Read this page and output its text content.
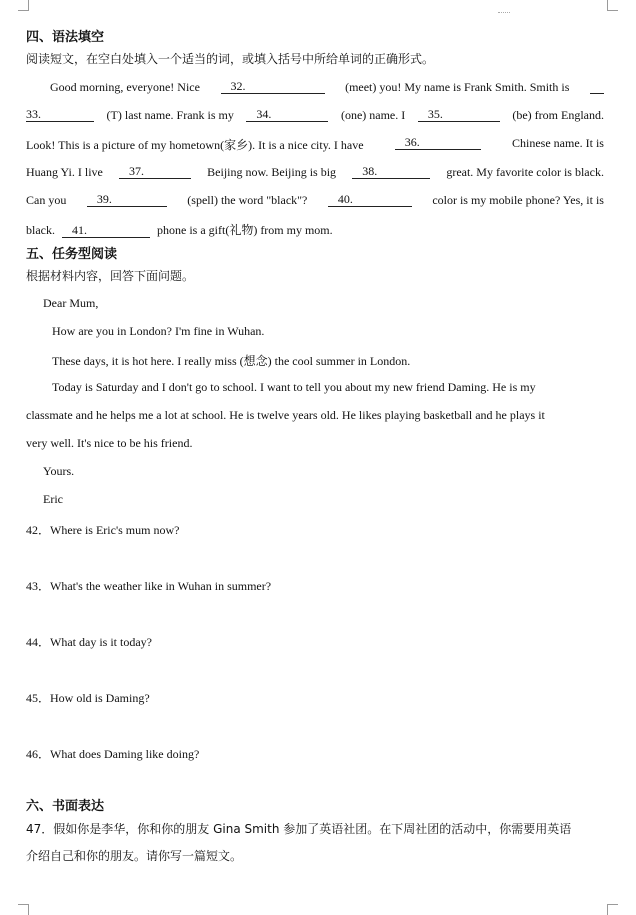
四、语法填空
阅读短文，在空白处填入一个适当的词，或填入括号中所给单词的正确形式。
Good morning, everyone! Nice	32.	(meet) you! My name is Frank Smith. Smith is
33.	(T) last name. Frank is my	34.	(one) name. I	35.	(be) from England.
Look! This is a picture of my hometown(家乡). It is a nice city. I have	36.	Chinese name. It is
Huang Yi. I live	37.	Beijing now. Beijing is big	38.	great. My favorite color is black.
Can you	39.	(spell) the word "black"?	40.	color is my mobile phone? Yes, it is
black. 41.	phone is a gift(礼物) from my mom.
五、任务型阅读
根据材料内容，回答下面问题。
Dear Mum,
How are you in London? I'm fine in Wuhan.
These days, it is hot here. I really miss (想念) the cool summer in London.
Today is Saturday and I don't go to school. I want to tell you about my new friend Daming. He is my
classmate and he helps me a lot at school. He is twelve years old. He likes playing basketball and he plays it
very well. It's nice to be his friend.
Yours.
Eric
42．Where is Eric's mum now?
43．What's the weather like in Wuhan in summer?
44．What day is it today?
45．How old is Daming?
46．What does Daming like doing?
六、书面表达
47．假如你是李华，你和你的朋友 Gina Smith 参加了英语社团。在下周社团的活动中，你需要用英语
介绍自己和你的朋友。请你写一篇短文。
